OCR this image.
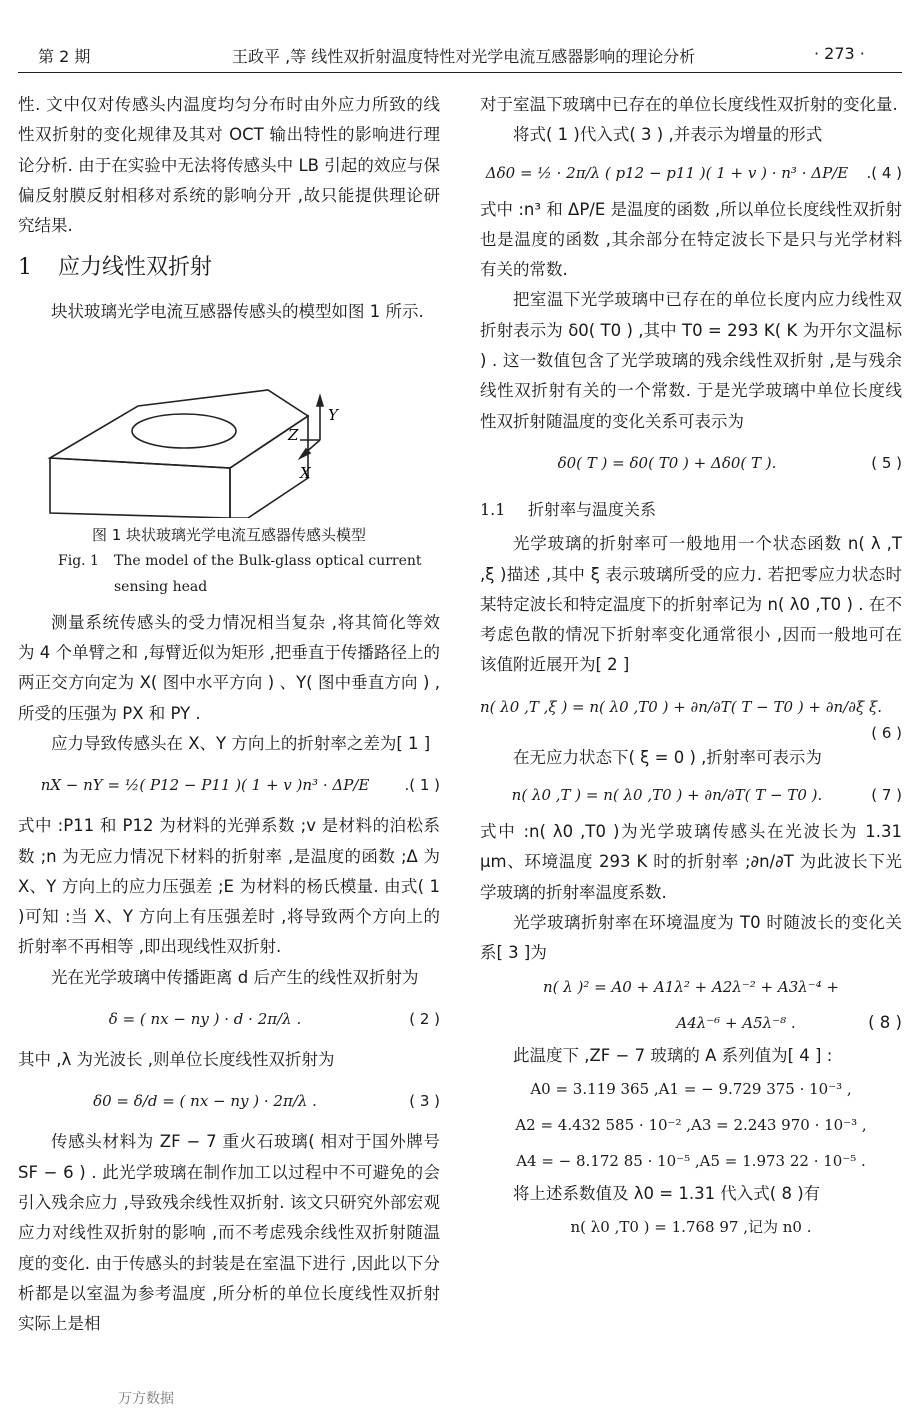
第 2 期	王政平 ,等 线性双折射温度特性对光学电流互感器影响的理论分析	· 273 ·

性. 文中仅对传感头内温度均匀分布时由外应力所致的线性双折射的变化规律及其对 OCT 输出特性的影响进行理论分析. 由于在实验中无法将传感头中 LB 引起的效应与保偏反射膜反射相移对系统的影响分开 ,故只能提供理论研究结果.

1 应力线性双折射

块状玻璃光学电流互感器传感头的模型如图 1 所示.

Y
Z
X
图 1 块状玻璃光学电流互感器传感头模型
Fig. 1 The model of the Bulk-glass optical current
sensing head

测量系统传感头的受力情况相当复杂 ,将其简化等效为 4 个单臂之和 ,每臂近似为矩形 ,把垂直于传播路径上的两正交方向定为 X( 图中水平方向 ) 、Y( 图中垂直方向 ) ,所受的压强为 PX 和 PY .

应力导致传感头在 X、Y 方向上的折射率之差为[ 1 ]

nX − nY = ½( P12 − P11 )( 1 + v )n³ · ΔP/E	.( 1 )

式中 :P11 和 P12 为材料的光弹系数 ;v 是材料的泊松系数 ;n 为无应力情况下材料的折射率 ,是温度的函数 ;Δ 为 X、Y 方向上的应力压强差 ;E 为材料的杨氏模量. 由式( 1 )可知 :当 X、Y 方向上有压强差时 ,将导致两个方向上的折射率不再相等 ,即出现线性双折射.

光在光学玻璃中传播距离 d 后产生的线性双折射为

δ = ( nx − ny ) · d · 2π/λ .	( 2 )

其中 ,λ 为光波长 ,则单位长度线性双折射为

δ0 = δ/d = ( nx − ny ) · 2π/λ .	( 3 )

传感头材料为 ZF − 7 重火石玻璃( 相对于国外牌号 SF − 6 ) . 此光学玻璃在制作加工以过程中不可避免的会引入残余应力 ,导致残余线性双折射. 该文只研究外部宏观应力对线性双折射的影响 ,而不考虑残余线性双折射随温度的变化. 由于传感头的封装是在室温下进行 ,因此以下分析都是以室温为参考温度 ,所分析的单位长度线性双折射实际上是相

对于室温下玻璃中已存在的单位长度线性双折射的变化量.

将式( 1 )代入式( 3 ) ,并表示为增量的形式

Δδ0 = ½ · 2π/λ ( p12 − p11 )( 1 + v ) · n³ · ΔP/E	.( 4 )

式中 :n³ 和 ΔP/E 是温度的函数 ,所以单位长度线性双折射也是温度的函数 ,其余部分在特定波长下是只与光学材料有关的常数.

把室温下光学玻璃中已存在的单位长度内应力线性双折射表示为 δ0( T0 ) ,其中 T0 = 293 K( K 为开尔文温标 ) . 这一数值包含了光学玻璃的残余线性双折射 ,是与残余线性双折射有关的一个常数. 于是光学玻璃中单位长度线性双折射随温度的变化关系可表示为

δ0( T ) = δ0( T0 ) + Δδ0( T ).	( 5 )
1.1 折射率与温度关系

光学玻璃的折射率可一般地用一个状态函数 n( λ ,T ,ξ )描述 ,其中 ξ 表示玻璃所受的应力. 若把零应力状态时某特定波长和特定温度下的折射率记为 n( λ0 ,T0 ) . 在不考虑色散的情况下折射率变化通常很小 ,因而一般地可在该值附近展开为[ 2 ]

n( λ0 ,T ,ξ ) = n( λ0 ,T0 ) + ∂n/∂T( T − T0 ) + ∂n/∂ξ ξ.
( 6 )

在无应力状态下( ξ = 0 ) ,折射率可表示为

n( λ0 ,T ) = n( λ0 ,T0 ) + ∂n/∂T( T − T0 ).	( 7 )

式中 :n( λ0 ,T0 )为光学玻璃传感头在光波长为 1.31 μm、环境温度 293 K 时的折射率 ;∂n/∂T 为此波长下光学玻璃的折射率温度系数.

光学玻璃折射率在环境温度为 T0 时随波长的变化关系[ 3 ]为

n( λ )² = A0 + A1λ² + A2λ⁻² + A3λ⁻⁴ +
A4λ⁻⁶ + A5λ⁻⁸ .	( 8 )

此温度下 ,ZF − 7 玻璃的 A 系列值为[ 4 ] :

A0 = 3.119 365 ,A1 = − 9.729 375 · 10⁻³ ,
A2 = 4.432 585 · 10⁻² ,A3 = 2.243 970 · 10⁻³ ,
A4 = − 8.172 85 · 10⁻⁵ ,A5 = 1.973 22 · 10⁻⁵ .

将上述系数值及 λ0 = 1.31 代入式( 8 )有

n( λ0 ,T0 ) = 1.768 97 ,记为 n0 .
万方数据
